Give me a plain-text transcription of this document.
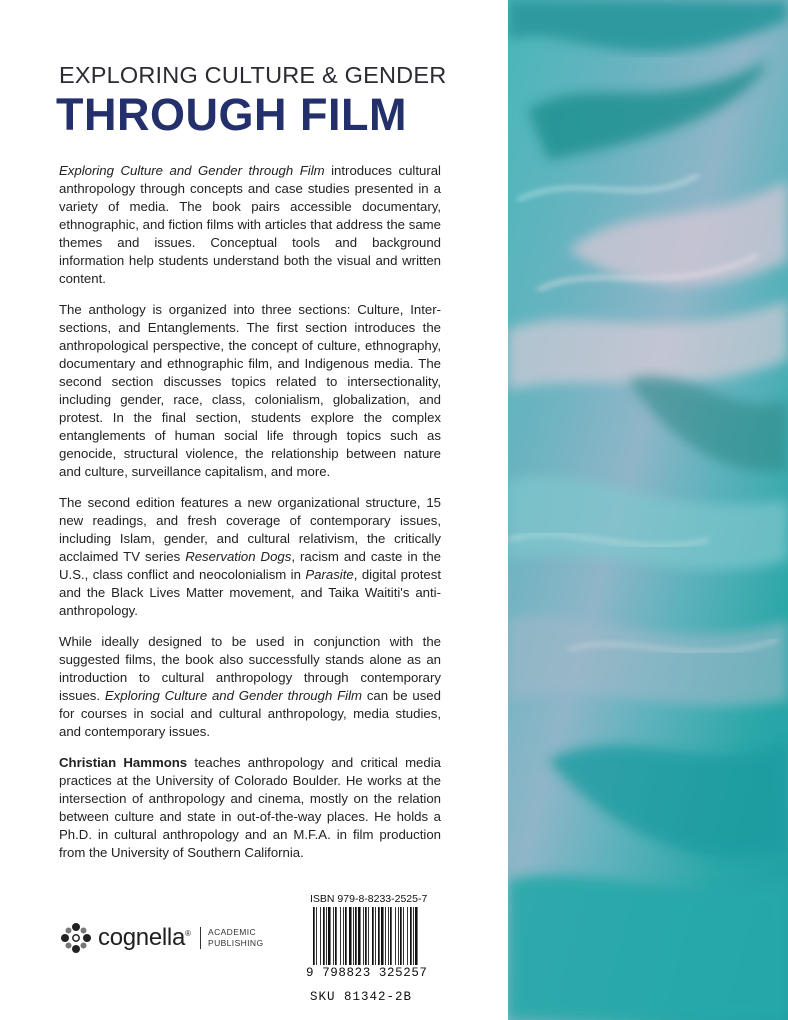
EXPLORING CULTURE & GENDER
THROUGH FILM

Exploring Culture and Gender through Film introduces cultural anthropology through concepts and case studies presented in a variety of media. The book pairs accessible documentary, ethnographic, and fiction films with articles that address the same themes and issues. Conceptual tools and background information help students understand both the visual and written content.

The anthology is organized into three sections: Culture, Intersections, and Entanglements. The first section introduces the anthropological perspective, the concept of culture, ethnography, documentary and ethnographic film, and Indigenous media. The second section discusses topics related to intersectionality, including gender, race, class, colonialism, globalization, and protest. In the final section, students explore the complex entanglements of human social life through topics such as genocide, structural violence, the relationship between nature and culture, surveillance capitalism, and more.

The second edition features a new organizational structure, 15 new readings, and fresh coverage of contemporary issues, including Islam, gender, and cultural relativism, the critically acclaimed TV series Reservation Dogs, racism and caste in the U.S., class conflict and neocolonialism in Parasite, digital protest and the Black Lives Matter movement, and Taika Waititi's anti-anthropology.

While ideally designed to be used in conjunction with the suggested films, the book also successfully stands alone as an introduction to cultural anthropology through contemporary issues. Exploring Culture and Gender through Film can be used for courses in social and cultural anthropology, media studies, and contemporary issues.

Christian Hammons teaches anthropology and critical media practices at the University of Colorado Boulder. He works at the intersection of anthropology and cinema, mostly on the relation between culture and state in out-of-the-way places. He holds a Ph.D. in cultural anthropology and an M.F.A. in film production from the University of Southern California.

cognella® ACADEMIC
PUBLISHING
ISBN 979-8-8233-2525-7
9 798823 325257
SKU 81342-2B
